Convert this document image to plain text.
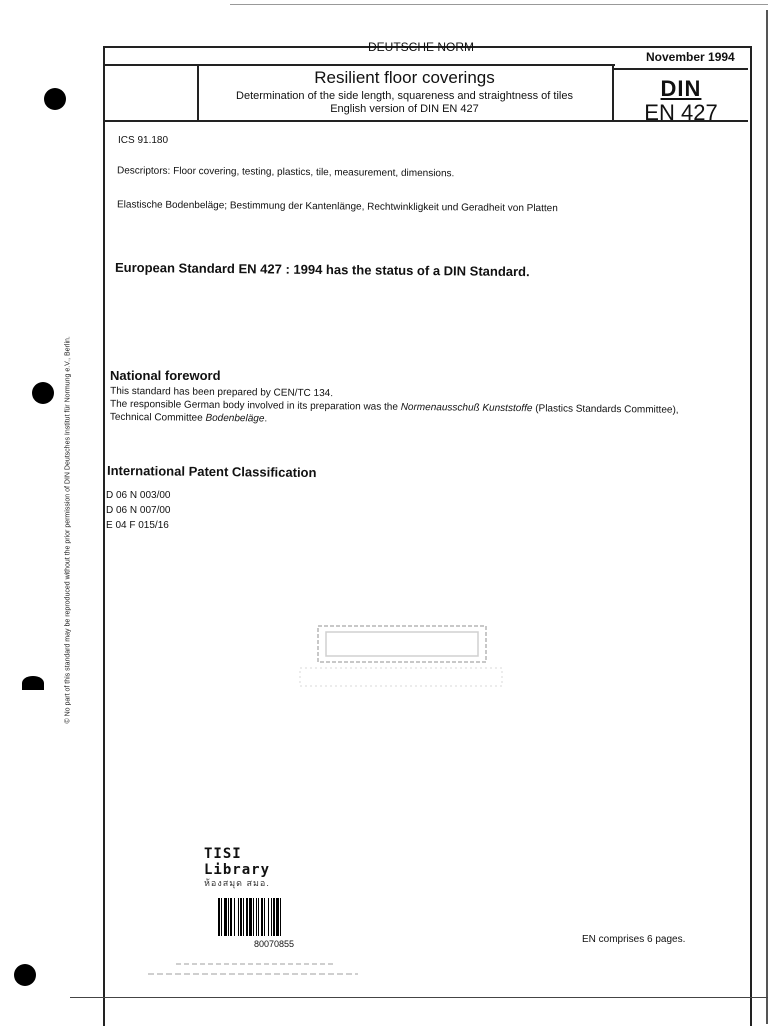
DEUTSCHE NORM
November 1994
Resilient floor coverings
Determination of the side length, squareness and straightness of tiles
English version of DIN EN 427
DIN
EN 427
ICS 91.180
Descriptors: Floor covering, testing, plastics, tile, measurement, dimensions.
Elastische Bodenbeläge; Bestimmung der Kantenlänge, Rechtwinkligkeit und Geradheit von Platten
European Standard EN 427 : 1994 has the status of a DIN Standard.
National foreword
This standard has been prepared by CEN/TC 134.
The responsible German body involved in its preparation was the Normenausschuß Kunststoffe (Plastics Standards Committee), Technical Committee Bodenbeläge.
International Patent Classification
D 06 N 003/00
D 06 N 007/00
E 04 F 015/16
© No part of this standard may be reproduced without the prior permission of DIN Deutsches Institut für Normung e.V., Berlin.
TISI Library
ห้องสมุด สมอ.
80070855	EN comprises 6 pages.
